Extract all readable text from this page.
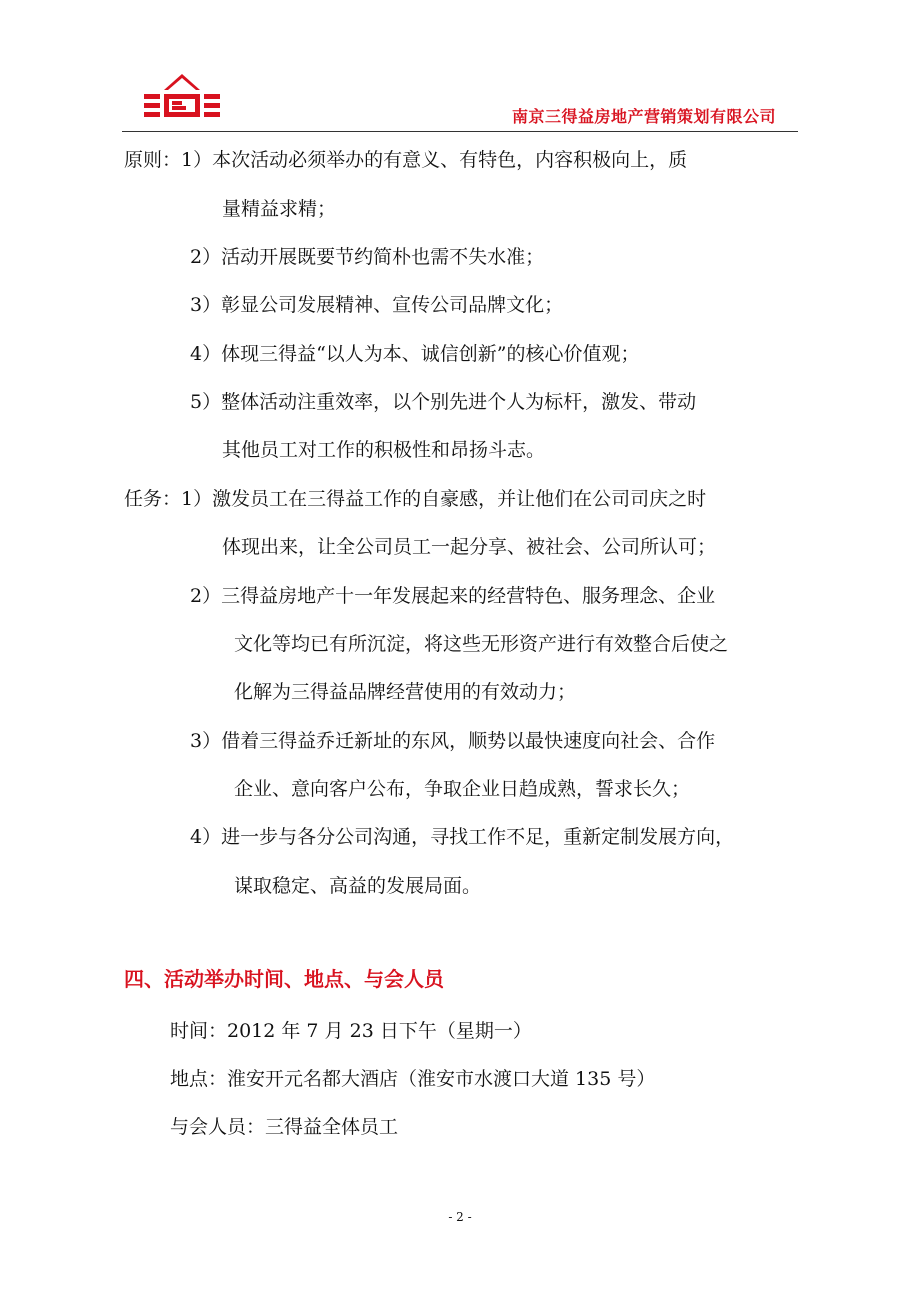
南京三得益房地产营销策划有限公司
原则：1）本次活动必须举办的有意义、有特色，内容积极向上，质
量精益求精；
2）活动开展既要节约简朴也需不失水准；
3）彰显公司发展精神、宣传公司品牌文化；
4）体现三得益“以人为本、诚信创新”的核心价值观；
5）整体活动注重效率，以个别先进个人为标杆，激发、带动
其他员工对工作的积极性和昂扬斗志。
任务：1）激发员工在三得益工作的自豪感，并让他们在公司司庆之时
体现出来，让全公司员工一起分享、被社会、公司所认可；
2）三得益房地产十一年发展起来的经营特色、服务理念、企业
文化等均已有所沉淀，将这些无形资产进行有效整合后使之
化解为三得益品牌经营使用的有效动力；
3）借着三得益乔迁新址的东风，顺势以最快速度向社会、合作
企业、意向客户公布，争取企业日趋成熟，誓求长久；
4）进一步与各分公司沟通，寻找工作不足，重新定制发展方向，
谋取稳定、高益的发展局面。
四、活动举办时间、地点、与会人员
时间：2012 年 7 月 23 日下午（星期一）
地点：淮安开元名都大酒店（淮安市水渡口大道 135 号）
与会人员：三得益全体员工
- 2 -
